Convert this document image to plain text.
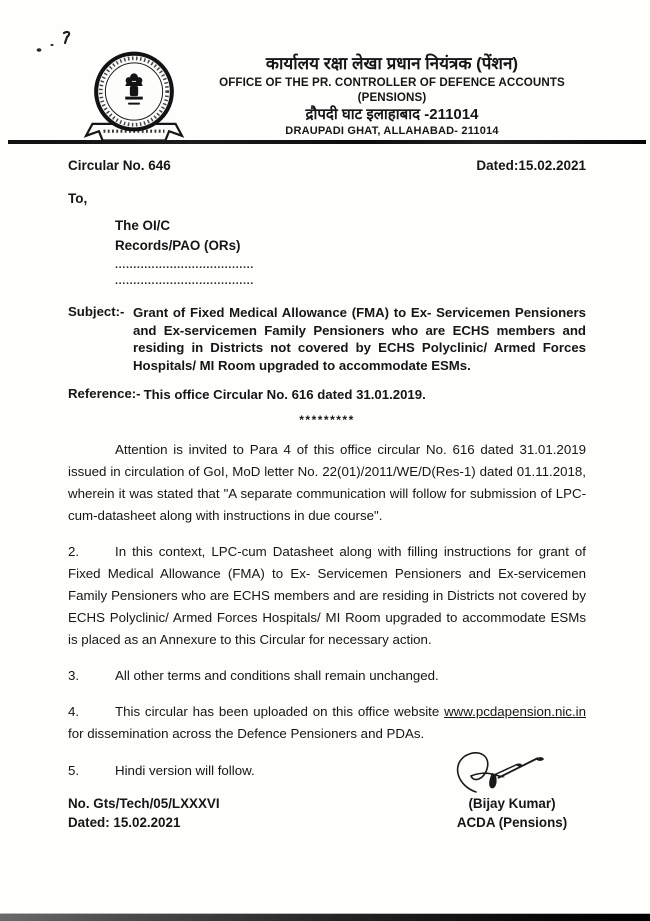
कार्यालय रक्षा लेखा प्रधान नियंत्रक (पेंशन)
OFFICE OF THE PR. CONTROLLER OF DEFENCE ACCOUNTS (PENSIONS)
द्रौपदी घाट इलाहाबाद -211014
DRAUPADI GHAT, ALLAHABAD- 211014
Circular No. 646	Dated:15.02.2021
To,
The OI/C
Records/PAO (ORs)
......................................
......................................
Subject:- Grant of Fixed Medical Allowance (FMA) to Ex- Servicemen Pensioners and Ex-servicemen Family Pensioners who are ECHS members and residing in Districts not covered by ECHS Polyclinic/ Armed Forces Hospitals/ MI Room upgraded to accommodate ESMs.
Reference:- This office Circular No. 616 dated 31.01.2019.
*********

Attention is invited to Para 4 of this office circular No. 616 dated 31.01.2019 issued in circulation of GoI, MoD letter No. 22(01)/2011/WE/D(Res-1) dated 01.11.2018, wherein it was stated that "A separate communication will follow for submission of LPC-cum-datasheet along with instructions in due course".

2.	In this context, LPC-cum Datasheet along with filling instructions for grant of Fixed Medical Allowance (FMA) to Ex- Servicemen Pensioners and Ex-servicemen Family Pensioners who are ECHS members and are residing in Districts not covered by ECHS Polyclinic/ Armed Forces Hospitals/ MI Room upgraded to accommodate ESMs is placed as an Annexure to this Circular for necessary action.

3.	All other terms and conditions shall remain unchanged.

4.	This circular has been uploaded on this office website www.pcdapension.nic.in for dissemination across the Defence Pensioners and PDAs.

5.	Hindi version will follow.

No. Gts/Tech/05/LXXXVI
Dated: 15.02.2021
(Bijay Kumar)
ACDA (Pensions)
